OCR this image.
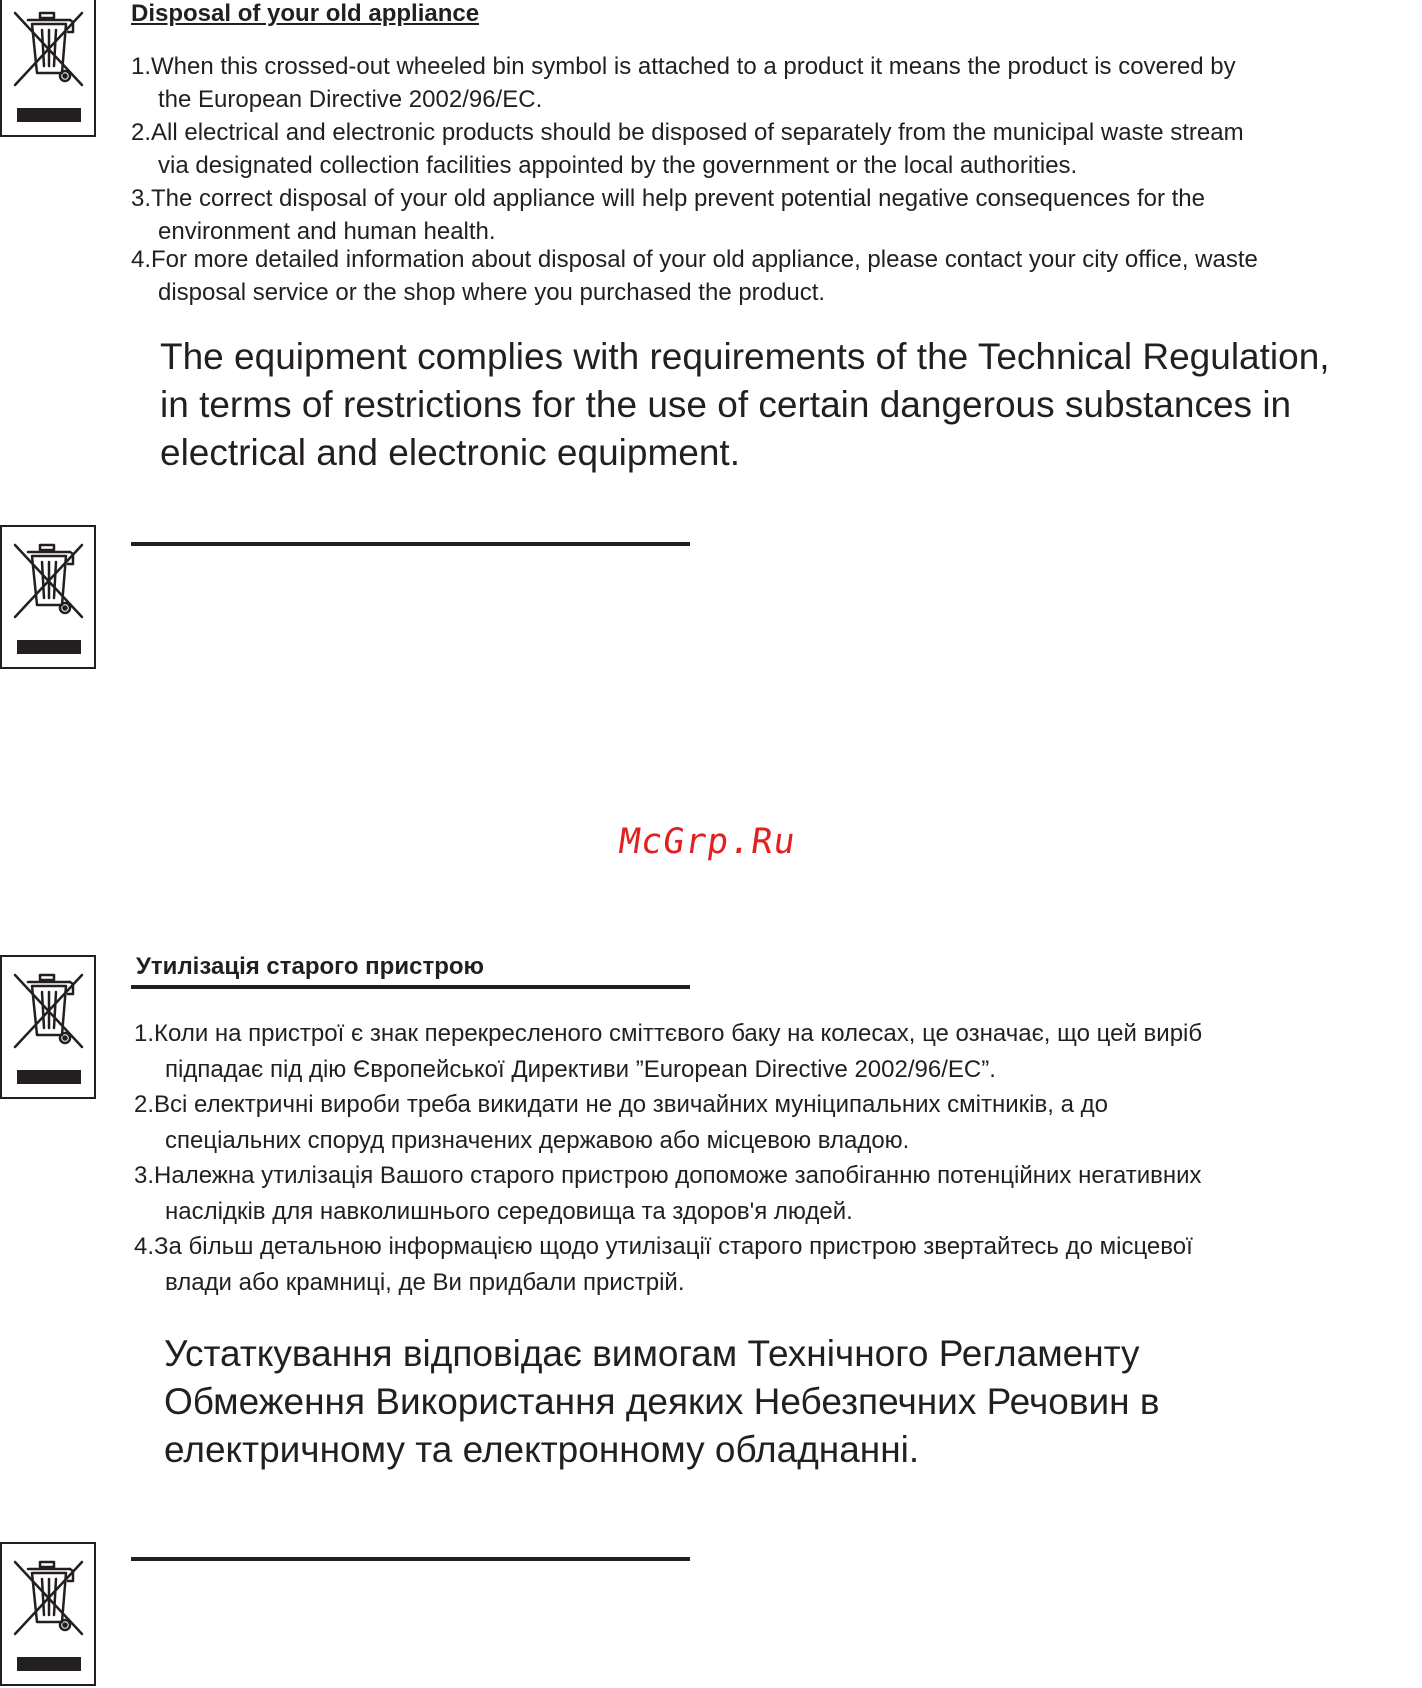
Disposal of your old appliance
1.When this crossed-out wheeled bin symbol is attached to a product it means the product is covered by
the European Directive 2002/96/EC.
2.All electrical and electronic products should be disposed of separately from the municipal waste stream
via designated collection facilities appointed by the government or the local authorities.
3.The correct disposal of your old appliance will help prevent potential negative consequences for the
environment and human health.
4.For more detailed information about disposal of your old appliance, please contact your city office, waste
disposal service or the shop where you purchased the product.
The equipment complies with requirements of the Technical Regulation,
in terms of restrictions for the use of certain dangerous substances in
electrical and electronic equipment.
McGrp.Ru
Утилізація старого пристрою
1.Коли на пристрої є знак перекресленого сміттєвого баку на колесах, це означає, що цей виріб
підпадає під дію Європейської Директиви ”European Directive 2002/96/EC”.
2.Всі електричні вироби треба викидати не до звичайних муніципальних смітників, а до
спеціальних споруд призначених державою або місцевою владою.
3.Належна утилізація Вашого старого пристрою допоможе запобіганню потенційних негативних
наслідків для навколишнього середовища та здоров'я людей.
4.За більш детальною інформацією щодо утилізації старого пристрою звертайтесь до місцевої
влади або крамниці, де Ви придбали пристрій.
Устаткування відповідає вимогам Технічного Регламенту
Обмеження Використання деяких Небезпечних Речовин в
електричному та електронному обладнанні.
